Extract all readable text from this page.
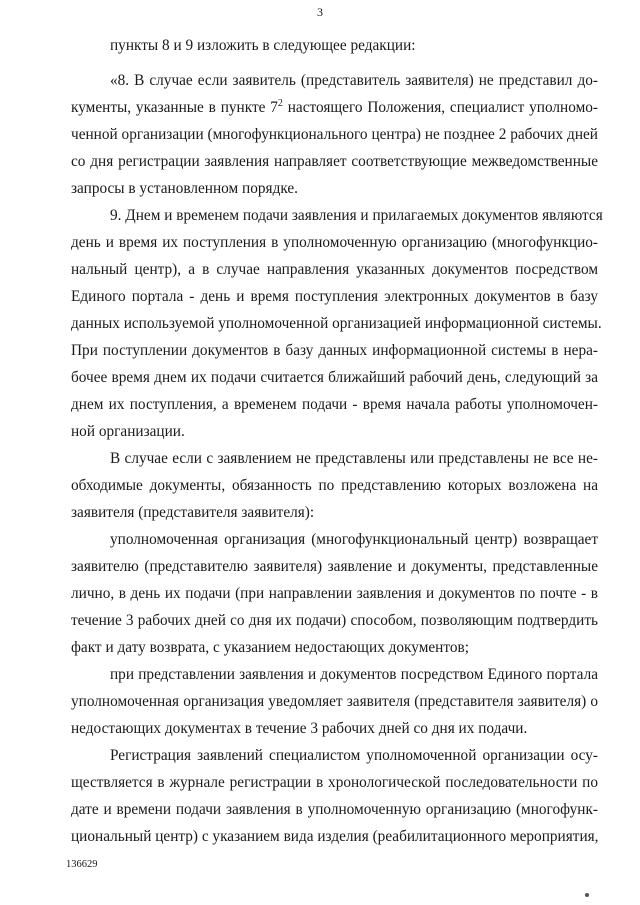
3

пункты 8 и 9 изложить в следующее редакции:

«8. В случае если заявитель (представитель заявителя) не представил до-

кументы, указанные в пункте $7^2$ настоящего Положения, специалист уполномо-

ченной организации (многофункционального центра) не позднее 2 рабочих дней

со дня регистрации заявления направляет соответствующие межведомственные

запросы в установленном порядке.

9. Днем и временем подачи заявления и прилагаемых документов являются

день и время их поступления в уполномоченную организацию (многофункцио-

нальный центр), а в случае направления указанных документов посредством

Единого портала - день и время поступления электронных документов в базу

данных используемой уполномоченной организацией информационной системы.

При поступлении документов в базу данных информационной системы в нера-

бочее время днем их подачи считается ближайший рабочий день, следующий за

днем их поступления, а временем подачи - время начала работы уполномочен-

ной организации.

В случае если с заявлением не представлены или представлены не все не-

обходимые документы, обязанность по представлению которых возложена на

заявителя (представителя заявителя):

уполномоченная организация (многофункциональный центр) возвращает

заявителю (представителю заявителя) заявление и документы, представленные

лично, в день их подачи (при направлении заявления и документов по почте - в

течение 3 рабочих дней со дня их подачи) способом, позволяющим подтвердить

факт и дату возврата, с указанием недостающих документов;

при представлении заявления и документов посредством Единого портала

уполномоченная организация уведомляет заявителя (представителя заявителя) о

недостающих документах в течение 3 рабочих дней со дня их подачи.

Регистрация заявлений специалистом уполномоченной организации осу-

ществляется в журнале регистрации в хронологической последовательности по

дате и времени подачи заявления в уполномоченную организацию (многофунк-

циональный центр) с указанием вида изделия (реабилитационного мероприятия,

136629
